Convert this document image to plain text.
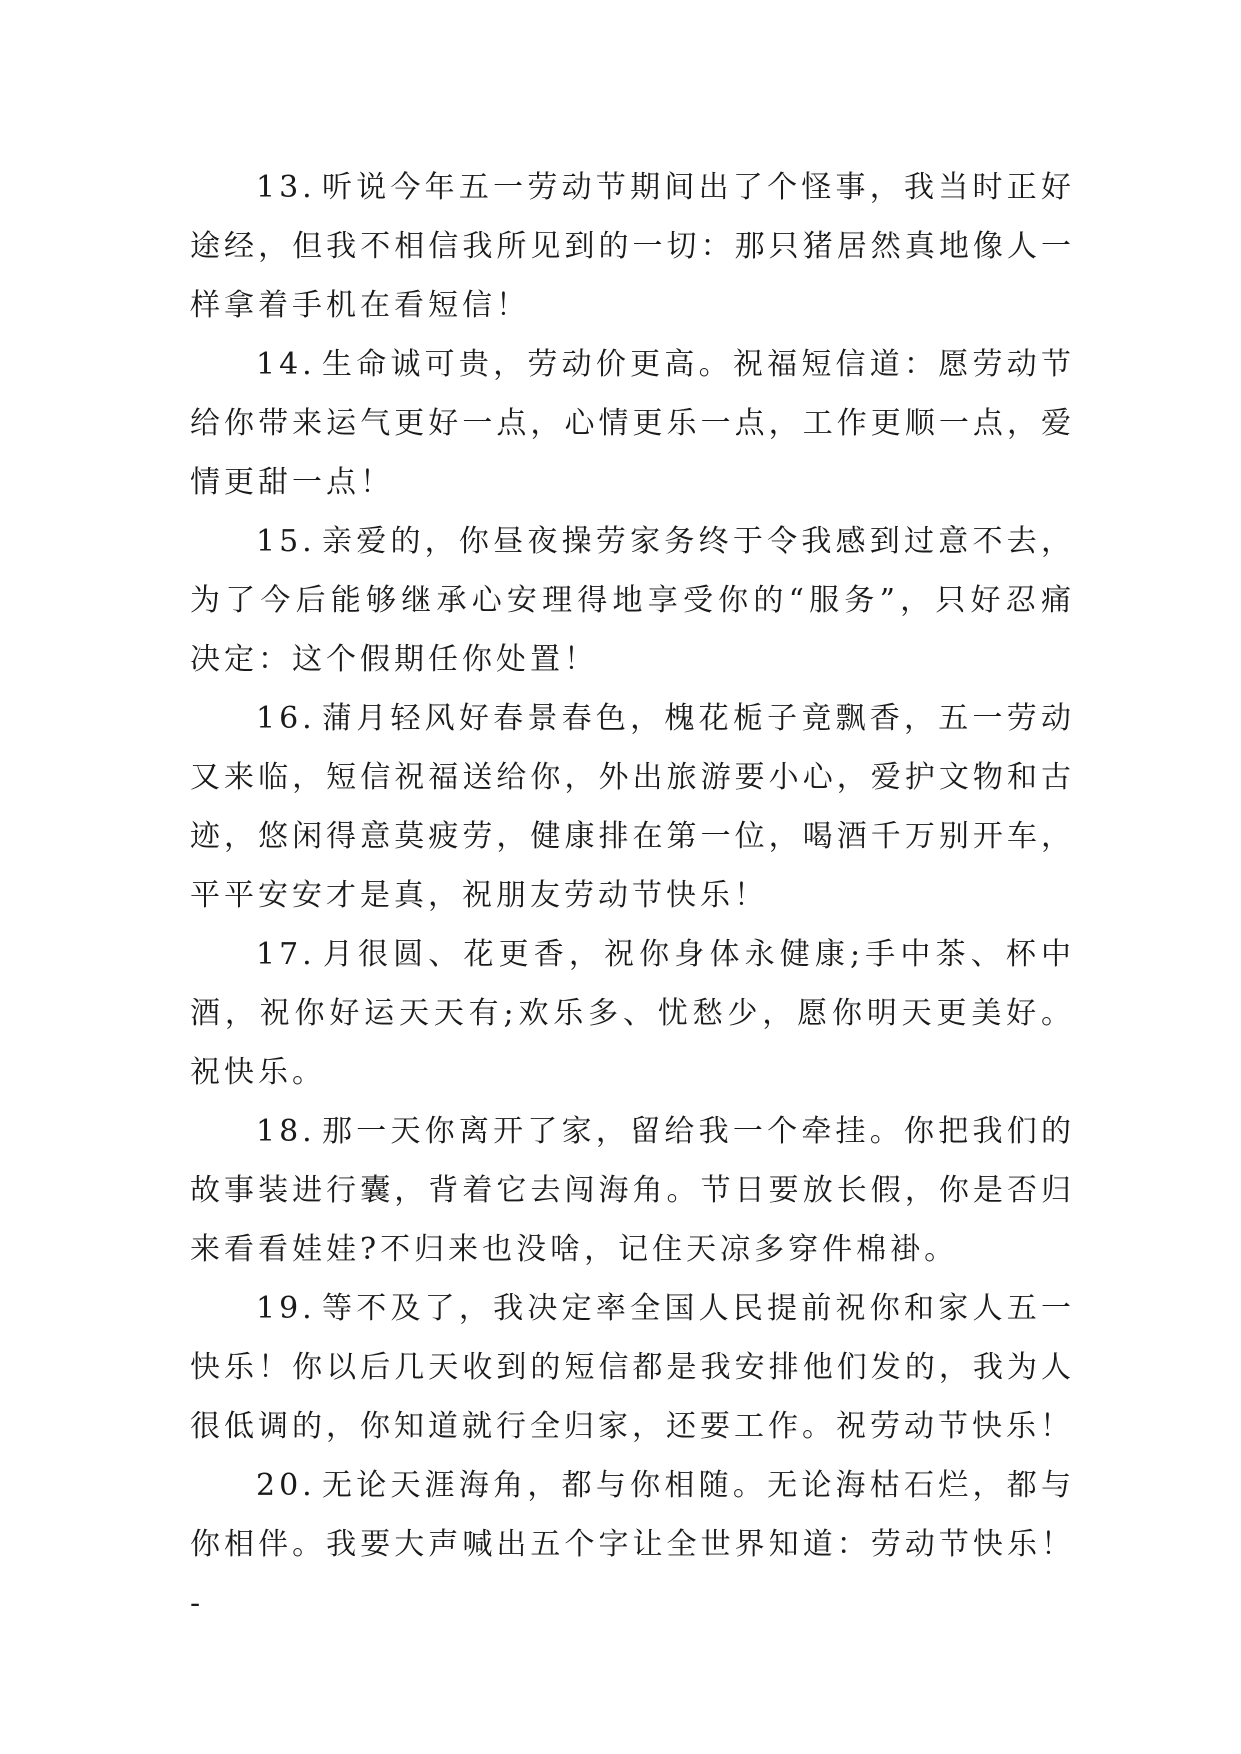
13. 听说今年五一劳动节期间出了个怪事，我当时正好途经，但我不相信我所见到的一切：那只猪居然真地像人一样拿着手机在看短信！

14. 生命诚可贵，劳动价更高。祝福短信道：愿劳动节给你带来运气更好一点，心情更乐一点，工作更顺一点，爱情更甜一点！

15. 亲爱的，你昼夜操劳家务终于令我感到过意不去，为了今后能够继承心安理得地享受你的“服务”，只好忍痛决定：这个假期任你处置！

16. 蒲月轻风好春景春色，槐花栀子竟飘香，五一劳动又来临，短信祝福送给你，外出旅游要小心，爱护文物和古迹，悠闲得意莫疲劳，健康排在第一位，喝酒千万别开车，平平安安才是真，祝朋友劳动节快乐！

17. 月很圆、花更香，祝你身体永健康;手中茶、杯中酒，祝你好运天天有;欢乐多、忧愁少，愿你明天更美好。祝快乐。

18. 那一天你离开了家，留给我一个牵挂。你把我们的故事装进行囊，背着它去闯海角。节日要放长假，你是否归来看看娃娃?不归来也没啥，记住天凉多穿件棉褂。

19. 等不及了，我决定率全国人民提前祝你和家人五一快乐！你以后几天收到的短信都是我安排他们发的，我为人很低调的，你知道就行全归家，还要工作。祝劳动节快乐！

20. 无论天涯海角，都与你相随。无论海枯石烂，都与你相伴。我要大声喊出五个字让全世界知道：劳动节快乐！-
